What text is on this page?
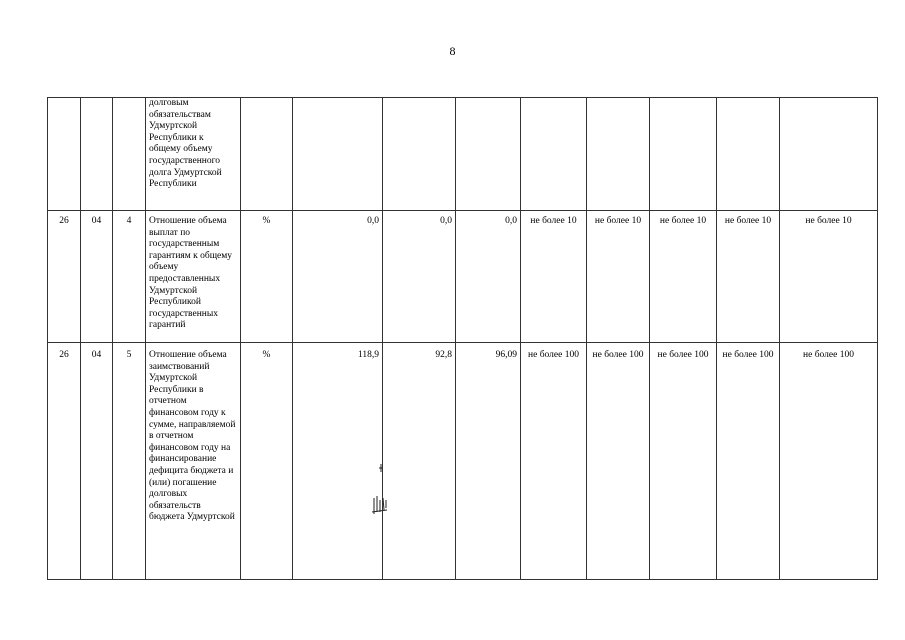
8
			долговым обязательствам Удмуртской Республики к общему объему государственного долга Удмуртской Республики									
26	04	4	Отношение объема выплат по государственным гарантиям к общему объему предоставленных Удмуртской Республикой государственных гарантий	%	0,0	0,0	0,0	не более 10	не более 10	не более 10	не более 10	не более 10
26	04	5	Отношение объема заимствований Удмуртской Республики в отчетном финансовом году к сумме, направляемой в отчетном финансовом году на финансирование дефицита бюджета и (или) погашение долговых обязательств бюджета Удмуртской	%	118,9	92,8	96,09	не более 100	не более 100	не более 100	не более 100	не более 100
